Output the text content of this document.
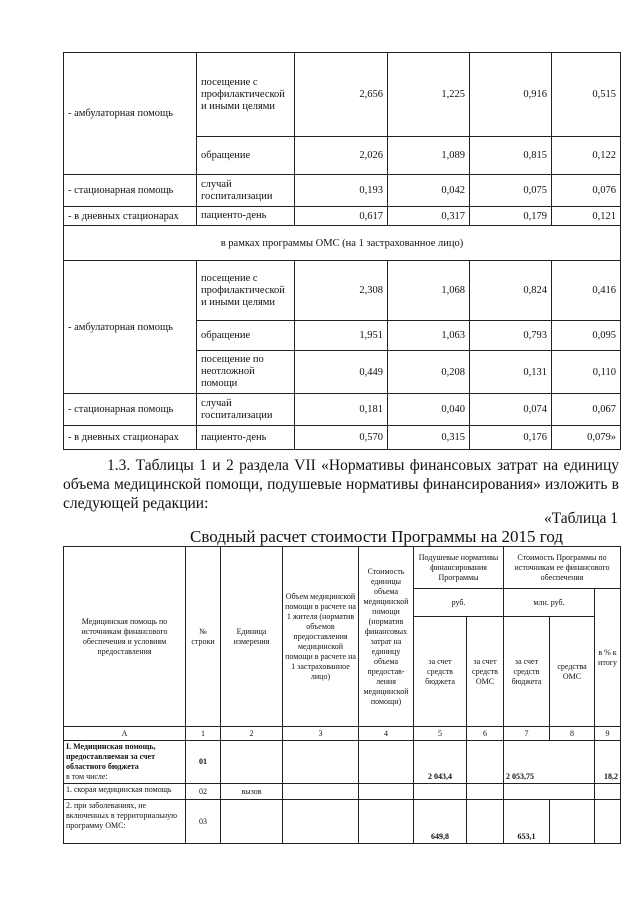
- амбулаторная помощь	посещение с профилактической и иными целями	2,656	1,225	0,916	0,515
	обращение	2,026	1,089	0,815	0,122
- стационарная помощь	случай госпитализации	0,193	0,042	0,075	0,076
- в дневных стационарах	пациенто-день	0,617	0,317	0,179	0,121
в рамках программы ОМС (на 1 застрахованное лицо)					
- амбулаторная помощь	посещение с профилактической и иными целями	2,308	1,068	0,824	0,416
	обращение	1,951	1,063	0,793	0,095
	посещение по неотложной помощи	0,449	0,208	0,131	0,110
- стационарная помощь	случай госпитализации	0,181	0,040	0,074	0,067
- в дневных стационарах	пациенто-день	0,570	0,315	0,176	0,079»

1.3. Таблицы 1 и 2 раздела VII «Нормативы финансовых затрат на единицу объема медицинской помощи, подушевые нормативы финансирования» изложить в следующей редакции:

«Таблица 1
Сводный расчет стоимости Программы на 2015 год
Медицинская помощь по источникам финансового обеспечения и условиям предоставления	№ строки	Единица измерения	Объем медицинской помощи в расчете на 1 жителя (норматив объемов предоставления медицинской помощи в расчете на 1 застрахованное лицо)	Стоимость единицы объема медицинской помощи (норматив финансовых затрат на единицу объема предостав-ления медицинской помощи)	Подушевые нормативы финансирования Программы		Стоимость Программы по источникам ее финансового обеспечения		
					руб.		млн. руб.		в % к итогу
					за счет средств бюджета	за счет средств ОМС	за счет средств бюджета	средства ОМС	
А	1	2	3	4	5	6	7	8	9
I. Медицинская помощь, предоставляемая за счет областного бюджета
в том числе:	01				2 043,4		2 053,75		18,2
1. скорая медицинская помощь	02	вызов							
2. при заболеваниях, не включенных в территориальную программу ОМС:	03				649,8		653,1		
